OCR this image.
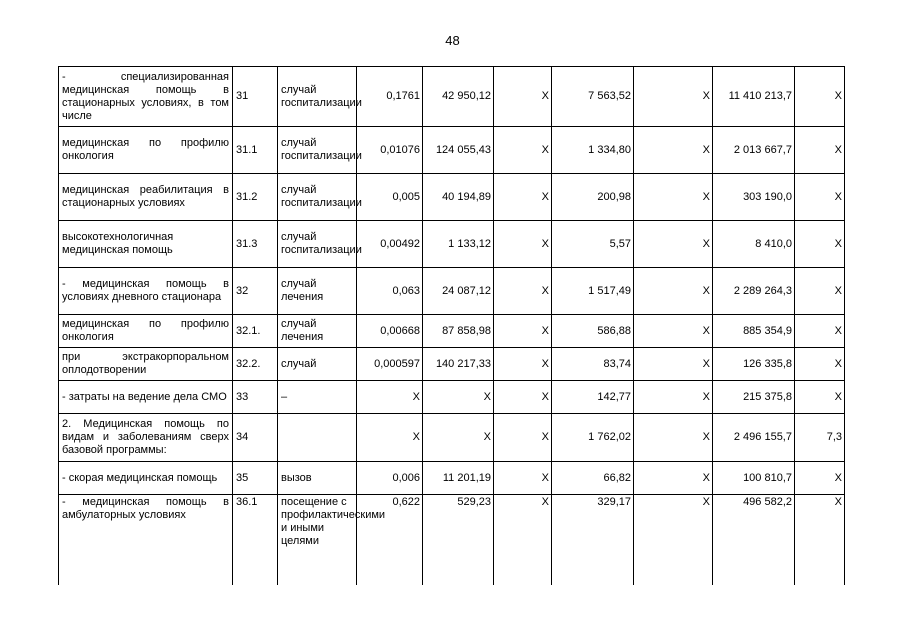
48
- специализированная медицинская помощь в стационарных условиях, в том числе	31	случай госпитализации	0,1761	42 950,12	Х	7 563,52	Х	11 410 213,7	Х
медицинская по профилю онкология	31.1	случай госпитализации	0,01076	124 055,43	Х	1 334,80	Х	2 013 667,7	Х
медицинская реабилитация в стационарных условиях	31.2	случай госпитализации	0,005	40 194,89	Х	200,98	Х	303 190,0	Х
высокотехнологичная медицинская помощь	31.3	случай госпитализации	0,00492	1 133,12	Х	5,57	Х	8 410,0	Х
- медицинская помощь в условиях дневного стационара	32	случай лечения	0,063	24 087,12	Х	1 517,49	Х	2 289 264,3	Х
медицинская по профилю онкология	32.1.	случай лечения	0,00668	87 858,98	Х	586,88	Х	885 354,9	Х
при экстракорпоральном оплодотворении	32.2.	случай	0,000597	140 217,33	Х	83,74	Х	126 335,8	Х
- затраты на ведение дела СМО	33	–	Х	Х	Х	142,77	Х	215 375,8	Х
2. Медицинская помощь по видам и заболеваниям сверх базовой программы:	34		Х	Х	Х	1 762,02	Х	2 496 155,7	7,3
- скорая медицинская помощь	35	вызов	0,006	11 201,19	Х	66,82	Х	100 810,7	Х
- медицинская помощь в амбулаторных условиях	36.1	посещение с профилактическими и иными целями	0,622	529,23	Х	329,17	Х	496 582,2	Х
